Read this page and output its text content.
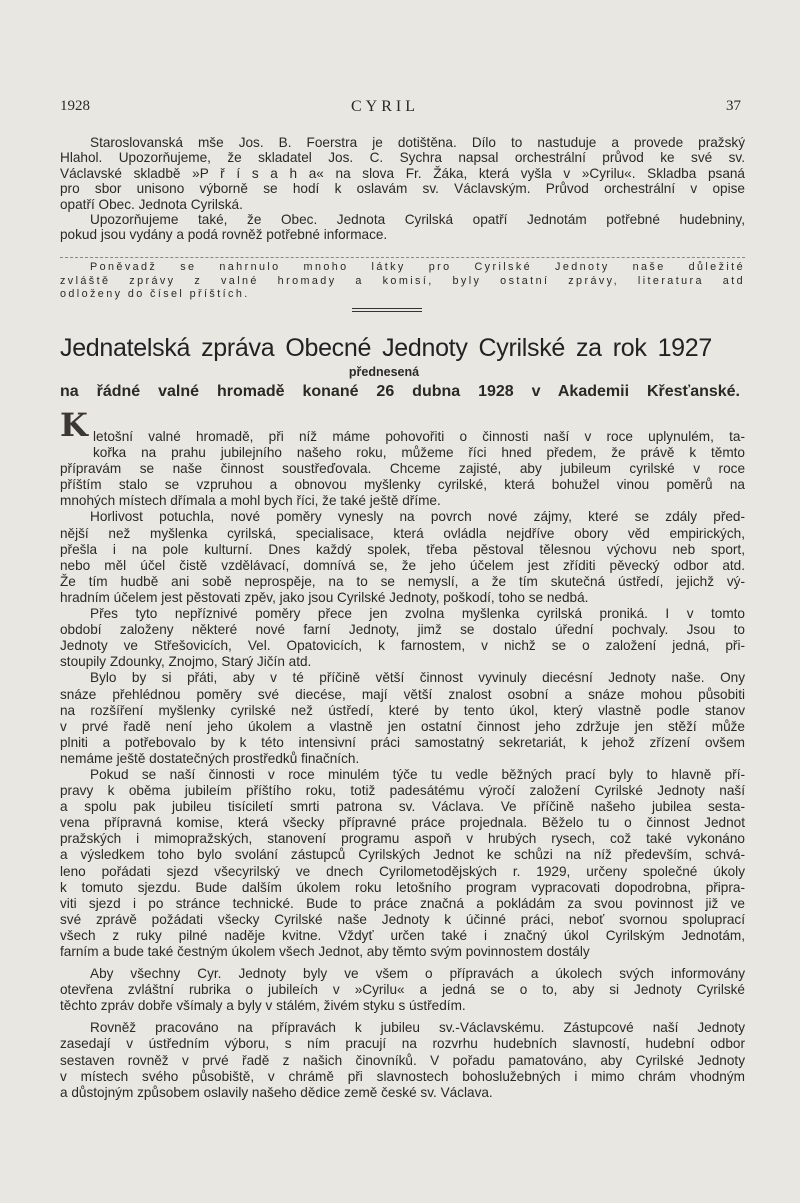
1928	CYRIL	37
Staroslovanská mše Jos. B. Foerstra je dotištěna. Dílo to nastuduje a provede pražský
Hlahol. Upozorňujeme, že skladatel Jos. C. Sychra napsal orchestrální průvod ke své sv.
Václavské skladbě »P ř í s a h a« na slova Fr. Žáka, která vyšla v »Cyrilu«. Skladba psaná
pro sbor unisono výborně se hodí k oslavám sv. Václavským. Průvod orchestrální v opise
opatří Obec. Jednota Cyrilská.
Upozorňujeme také, že Obec. Jednota Cyrilská opatří Jednotám potřebné hudebniny,
pokud jsou vydány a podá rovněž potřebné informace.
Poněvadž se nahrnulo mnoho látky pro Cyrilské Jednoty naše důležité
zvláště zprávy z valné hromady a komisí, byly ostatní zprávy, literatura atd
odloženy do čísel příštích.
Jednatelská zpráva Obecné Jednoty Cyrilské za rok 1927
přednesená
na řádné valné hromadě konané 26 dubna 1928 v Akademii Křesťanské.
K letošní valné hromadě, při níž máme pohovořiti o činnosti naší v roce uplynulém, ta-
kořka na prahu jubilejního našeho roku, můžeme říci hned předem, že právě k těmto
přípravám se naše činnost soustřeďovala. Chceme zajisté, aby jubileum cyrilské v roce
příštím stalo se vzpruhou a obnovou myšlenky cyrilské, která bohužel vinou poměrů na
mnohých místech dřímala a mohl bych říci, že také ještě dříme.
Horlivost potuchla, nové poměry vynesly na povrch nové zájmy, které se zdály před-
nější než myšlenka cyrilská, specialisace, která ovládla nejdříve obory věd empirických,
přešla i na pole kulturní. Dnes každý spolek, třeba pěstoval tělesnou výchovu neb sport,
nebo měl účel čistě vzdělávací, domnívá se, že jeho účelem jest zříditi pěvecký odbor atd.
Že tím hudbě ani sobě neprospěje, na to se nemyslí, a že tím skutečná ústředí, jejichž vý-
hradním účelem jest pěstovati zpěv, jako jsou Cyrilské Jednoty, poškodí, toho se nedbá.
Přes tyto nepříznivé poměry přece jen zvolna myšlenka cyrilská proniká. I v tomto
období založeny některé nové farní Jednoty, jimž se dostalo úřední pochvaly. Jsou to
Jednoty ve Střešovicích, Vel. Opatovicích, k farnostem, v nichž se o založení jedná, při-
stoupily Zdounky, Znojmo, Starý Jičín atd.
Bylo by si přáti, aby v té příčině větší činnost vyvinuly diecésní Jednoty naše. Ony
snáze přehlédnou poměry své diecése, mají větší znalost osobní a snáze mohou působiti
na rozšíření myšlenky cyrilské než ústředí, které by tento úkol, který vlastně podle stanov
v prvé řadě není jeho úkolem a vlastně jen ostatní činnost jeho zdržuje jen stěží může
plniti a potřebovalo by k této intensivní práci samostatný sekretariát, k jehož zřízení ovšem
nemáme ještě dostatečných prostředků finačních.
Pokud se naší činnosti v roce minulém týče tu vedle běžných prací byly to hlavně pří-
pravy k oběma jubileím příštího roku, totiž padesátému výročí založení Cyrilské Jednoty naší
a spolu pak jubileu tisíciletí smrti patrona sv. Václava. Ve příčině našeho jubilea sesta-
vena přípravná komise, která všecky přípravné práce projednala. Běželo tu o činnost Jednot
pražských i mimopražských, stanovení programu aspoň v hrubých rysech, což také vykonáno
a výsledkem toho bylo svolání zástupců Cyrilských Jednot ke schůzi na níž především, schvá-
leno pořádati sjezd všecyrilský ve dnech Cyrilometodějských r. 1929, určeny společné úkoly
k tomuto sjezdu. Bude dalším úkolem roku letošního program vypracovati dopodrobna, připra-
viti sjezd i po stránce technické. Bude to práce značná a pokládám za svou povinnost již ve
své zprávě požádati všecky Cyrilské naše Jednoty k účinné práci, neboť svornou spoluprací
všech z ruky pilné naděje kvitne. Vždyť určen také i značný úkol Cyrilským Jednotám,
farním a bude také čestným úkolem všech Jednot, aby těmto svým povinnostem dostály
Aby všechny Cyr. Jednoty byly ve všem o přípravách a úkolech svých informovány
otevřena zvláštní rubrika o jubileích v »Cyrilu« a jedná se o to, aby si Jednoty Cyrilské
těchto zpráv dobře všímaly a byly v stálém, živém styku s ústředím.
Rovněž pracováno na přípravách k jubileu sv.-Václavskému. Zástupcové naší Jednoty
zasedají v ústředním výboru, s ním pracují na rozvrhu hudebních slavností, hudební odbor
sestaven rovněž v prvé řadě z našich činovníků. V pořadu pamatováno, aby Cyrilské Jednoty
v místech svého působiště, v chrámě při slavnostech bohoslužebných i mimo chrám vhodným
a důstojným způsobem oslavily našeho dědice země české sv. Václava.
